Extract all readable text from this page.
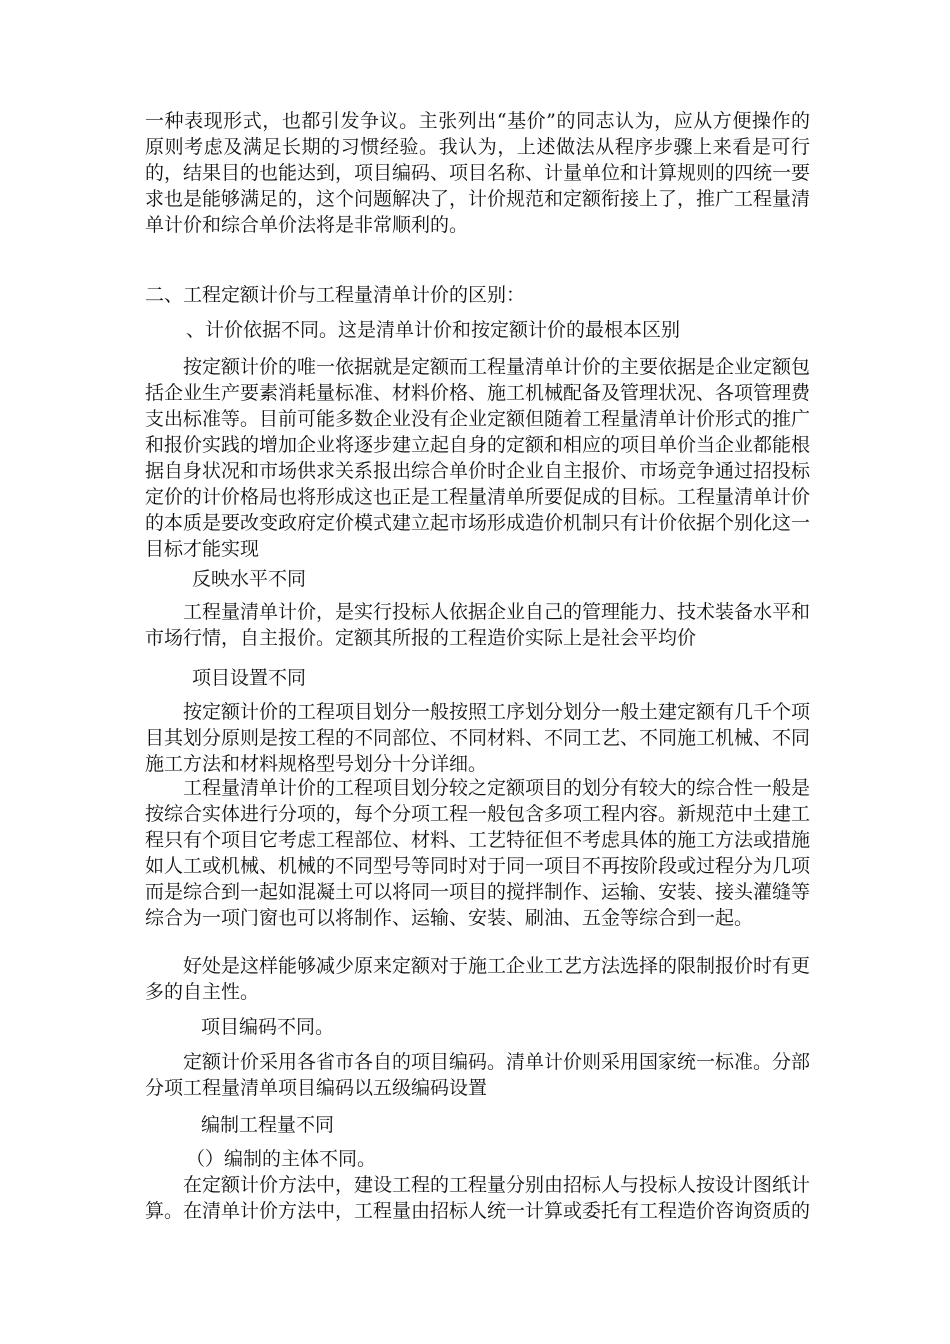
一种表现形式，也都引发争议。主张列出“基价”的同志认为，应从方便操作的原则考虑及满足长期的习惯经验。我认为，上述做法从程序步骤上来看是可行的，结果目的也能达到，项目编码、项目名称、计量单位和计算规则的四统一要求也是能够满足的，这个问题解决了，计价规范和定额衔接上了，推广工程量清单计价和综合单价法将是非常顺利的。

二、工程定额计价与工程量清单计价的区别：

、计价依据不同。这是清单计价和按定额计价的最根本区别

按定额计价的唯一依据就是定额而工程量清单计价的主要依据是企业定额包括企业生产要素消耗量标准、材料价格、施工机械配备及管理状况、各项管理费支出标准等。目前可能多数企业没有企业定额但随着工程量清单计价形式的推广和报价实践的增加企业将逐步建立起自身的定额和相应的项目单价当企业都能根据自身状况和市场供求关系报出综合单价时企业自主报价、市场竞争通过招投标定价的计价格局也将形成这也正是工程量清单所要促成的目标。工程量清单计价的本质是要改变政府定价模式建立起市场形成造价机制只有计价依据个别化这一目标才能实现

反映水平不同

工程量清单计价，是实行投标人依据企业自己的管理能力、技术装备水平和市场行情，自主报价。定额其所报的工程造价实际上是社会平均价

项目设置不同

按定额计价的工程项目划分一般按照工序划分划分一般土建定额有几千个项目其划分原则是按工程的不同部位、不同材料、不同工艺、不同施工机械、不同施工方法和材料规格型号划分十分详细。

工程量清单计价的工程项目划分较之定额项目的划分有较大的综合性一般是按综合实体进行分项的，每个分项工程一般包含多项工程内容。新规范中土建工程只有个项目它考虑工程部位、材料、工艺特征但不考虑具体的施工方法或措施如人工或机械、机械的不同型号等同时对于同一项目不再按阶段或过程分为几项而是综合到一起如混凝土可以将同一项目的搅拌制作、运输、安装、接头灌缝等综合为一项门窗也可以将制作、运输、安装、刷油、五金等综合到一起。

好处是这样能够减少原来定额对于施工企业工艺方法选择的限制报价时有更多的自主性。

项目编码不同。

定额计价采用各省市各自的项目编码。清单计价则采用国家统一标准。分部分项工程量清单项目编码以五级编码设置

编制工程量不同

（）编制的主体不同。

在定额计价方法中，建设工程的工程量分别由招标人与投标人按设计图纸计算。在清单计价方法中，工程量由招标人统一计算或委托有工程造价咨询资质的
